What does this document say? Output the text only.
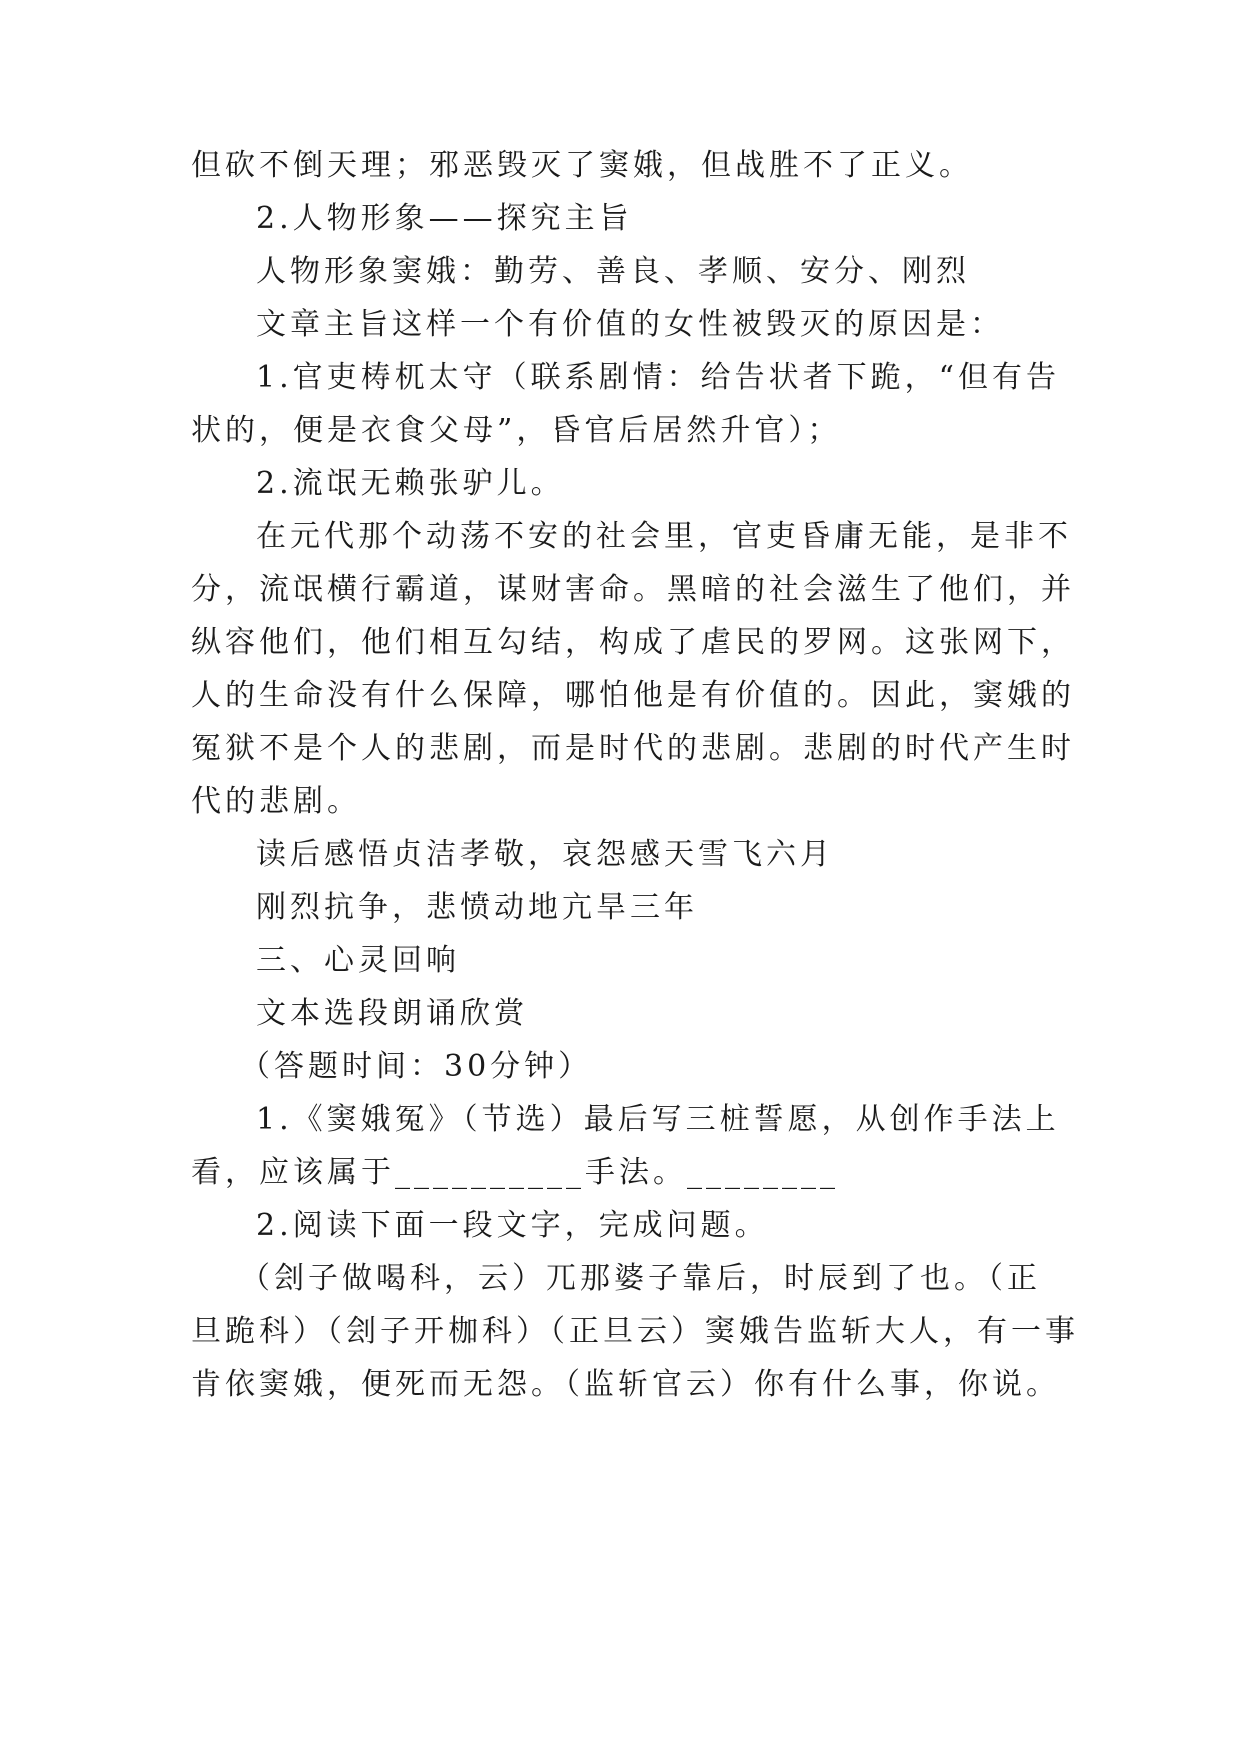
但砍不倒天理；邪恶毁灭了窦娥，但战胜不了正义。
2.人物形象——探究主旨
人物形象窦娥：勤劳、善良、孝顺、安分、刚烈
文章主旨这样一个有价值的女性被毁灭的原因是：
1.官吏梼杌太守（联系剧情：给告状者下跪，“但有告
状的，便是衣食父母”，昏官后居然升官）；
2.流氓无赖张驴儿。
在元代那个动荡不安的社会里，官吏昏庸无能，是非不
分，流氓横行霸道，谋财害命。黑暗的社会滋生了他们，并
纵容他们，他们相互勾结，构成了虐民的罗网。这张网下，
人的生命没有什么保障，哪怕他是有价值的。因此，窦娥的
冤狱不是个人的悲剧，而是时代的悲剧。悲剧的时代产生时
代的悲剧。
读后感悟贞洁孝敬，哀怨感天雪飞六月
刚烈抗争，悲愤动地亢旱三年
三、心灵回响
文本选段朗诵欣赏
（答题时间：30分钟）
1.《窦娥冤》（节选）最后写三桩誓愿，从创作手法上
看，应该属于__________手法。________
2.阅读下面一段文字，完成问题。
（刽子做喝科，云）兀那婆子靠后，时辰到了也。（正
旦跪科）（刽子开枷科）（正旦云）窦娥告监斩大人，有一事
肯依窦娥，便死而无怨。（监斩官云）你有什么事，你说。
